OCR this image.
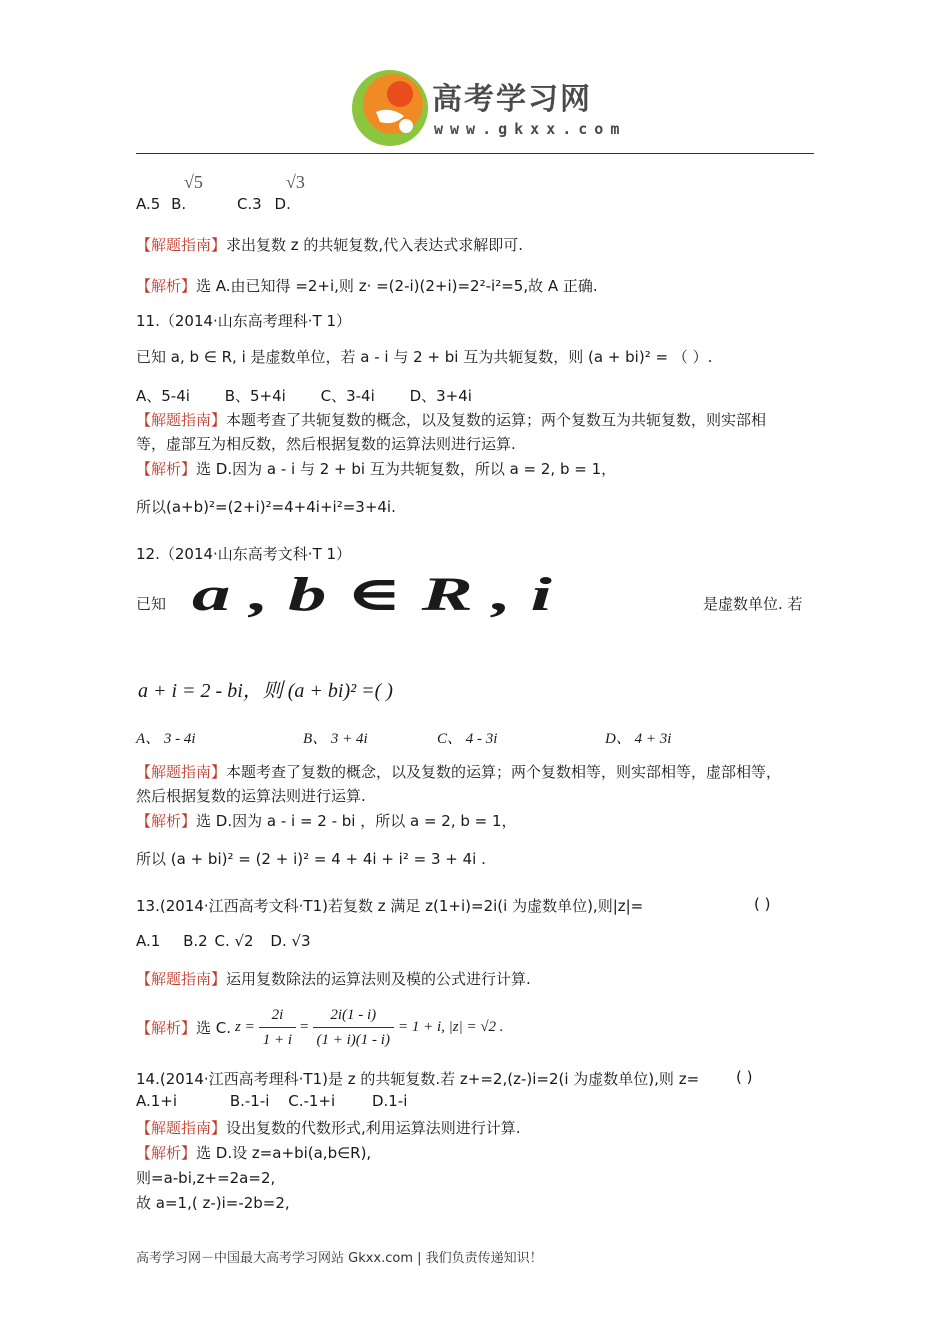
高考学习网
www.gkxx.com
√5	√3
A.5 B.	C.3 D.
【解题指南】求出复数 z 的共轭复数,代入表达式求解即可.
【解析】选 A.由已知得 =2+i,则 z· =(2-i)(2+i)=2²-i²=5,故 A 正确.
11.（2014·山东高考理科·T 1）
已知 a, b ∈ R, i 是虚数单位，若 a - i 与 2 + bi 互为共轭复数，则 (a + bi)² = （ ）.
A、5-4i B、5+4i C、3-4i D、3+4i
【解题指南】本题考查了共轭复数的概念，以及复数的运算；两个复数互为共轭复数，则实部相
等，虚部互为相反数，然后根据复数的运算法则进行运算.
【解析】选 D.因为 a - i 与 2 + bi 互为共轭复数，所以 a = 2, b = 1，
所以(a+b)²=(2+i)²=4+4i+i²=3+4i.
12.（2014·山东高考文科·T 1）
已知 a , b ∈ R , i	是虚数单位. 若
a + i = 2 - bi，则 (a + bi)² =( )
A、 3 - 4i	B、 3 + 4i	C、 4 - 3i	D、 4 + 3i
【解题指南】本题考查了复数的概念，以及复数的运算；两个复数相等，则实部相等，虚部相等，
然后根据复数的运算法则进行运算.
【解析】选 D.因为 a - i = 2 - bi ，所以 a = 2, b = 1，
所以 (a + bi)² = (2 + i)² = 4 + 4i + i² = 3 + 4i .
13.(2014·江西高考文科·T1)若复数 z 满足 z(1+i)=2i(i 为虚数单位),则|z|=	( )
A.1 B.2 C. √2 D. √3
【解题指南】运用复数除法的运算法则及模的公式进行计算.
【解析】 选 C. $z = \frac{2i}{1 + i} = \frac{2i(1 - i)}{(1 + i)(1 - i)} = 1 + i$, |z| = √2 .
14.(2014·江西高考理科·T1)是 z 的共轭复数.若 z+=2,(z-)i=2(i 为虚数单位),则 z= ( )
A.1+i	B.-1-i C.-1+i D.1-i
【解题指南】设出复数的代数形式,利用运算法则进行计算.
【解析】选 D.设 z=a+bi(a,b∈R),
则=a-bi,z+=2a=2,
故 a=1,( z-)i=-2b=2,
高考学习网－中国最大高考学习网站 Gkxx.com | 我们负责传递知识！
